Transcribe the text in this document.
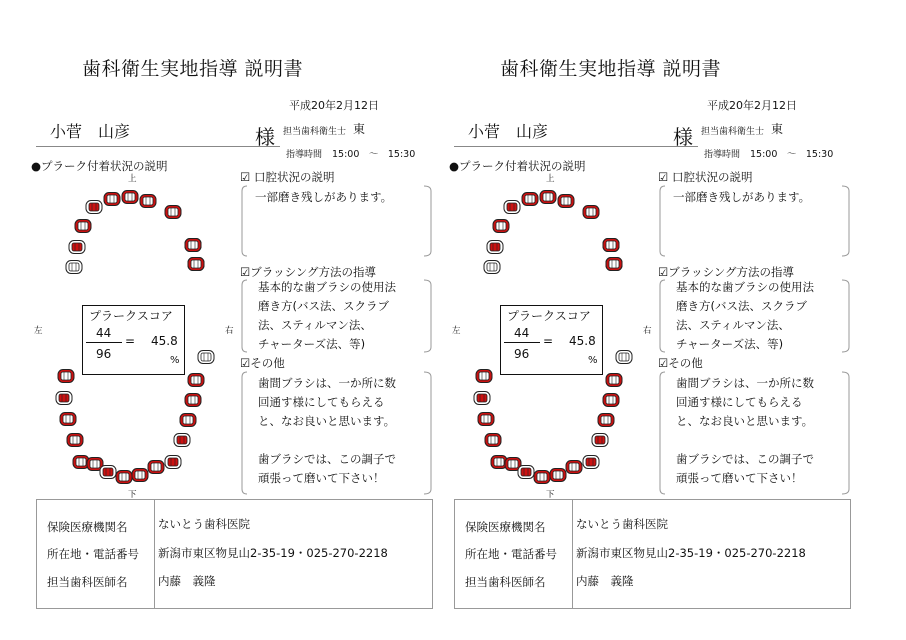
歯科衛生実地指導 説明書
平成20年2月12日
小菅　山彦	様 担当歯科衛生士 東
指導時間 15:00　～　15:30
●プラーク付着状況の説明
上
下
左	右
プラークスコア
44
= 45.8
96	%
☑ 口腔状況の説明
一部磨き残しがあります。
☑ブラッシング方法の指導
基本的な歯ブラシの使用法
磨き方(バス法、スクラブ
法、スティルマン法、
チャーターズ法、等)
☑その他
歯間ブラシは、一か所に数
回通す様にしてもらえる
と、なお良いと思います。
歯ブラシでは、この調子で
頑張って磨いて下さい！
保険医療機関名	ないとう歯科医院
所在地・電話番号 新潟市東区物見山2-35-19・025-270-2218
担当歯科医師名	内藤　義隆
歯科衛生実地指導 説明書
平成20年2月12日
小菅　山彦	様 担当歯科衛生士 東
指導時間 15:00　～　15:30
●プラーク付着状況の説明
上
下
左	右
プラークスコア
44
= 45.8
96	%
☑ 口腔状況の説明
一部磨き残しがあります。
☑ブラッシング方法の指導
基本的な歯ブラシの使用法
磨き方(バス法、スクラブ
法、スティルマン法、
チャーターズ法、等)
☑その他
歯間ブラシは、一か所に数
回通す様にしてもらえる
と、なお良いと思います。
歯ブラシでは、この調子で
頑張って磨いて下さい！
保険医療機関名	ないとう歯科医院
所在地・電話番号 新潟市東区物見山2-35-19・025-270-2218
担当歯科医師名	内藤　義隆
